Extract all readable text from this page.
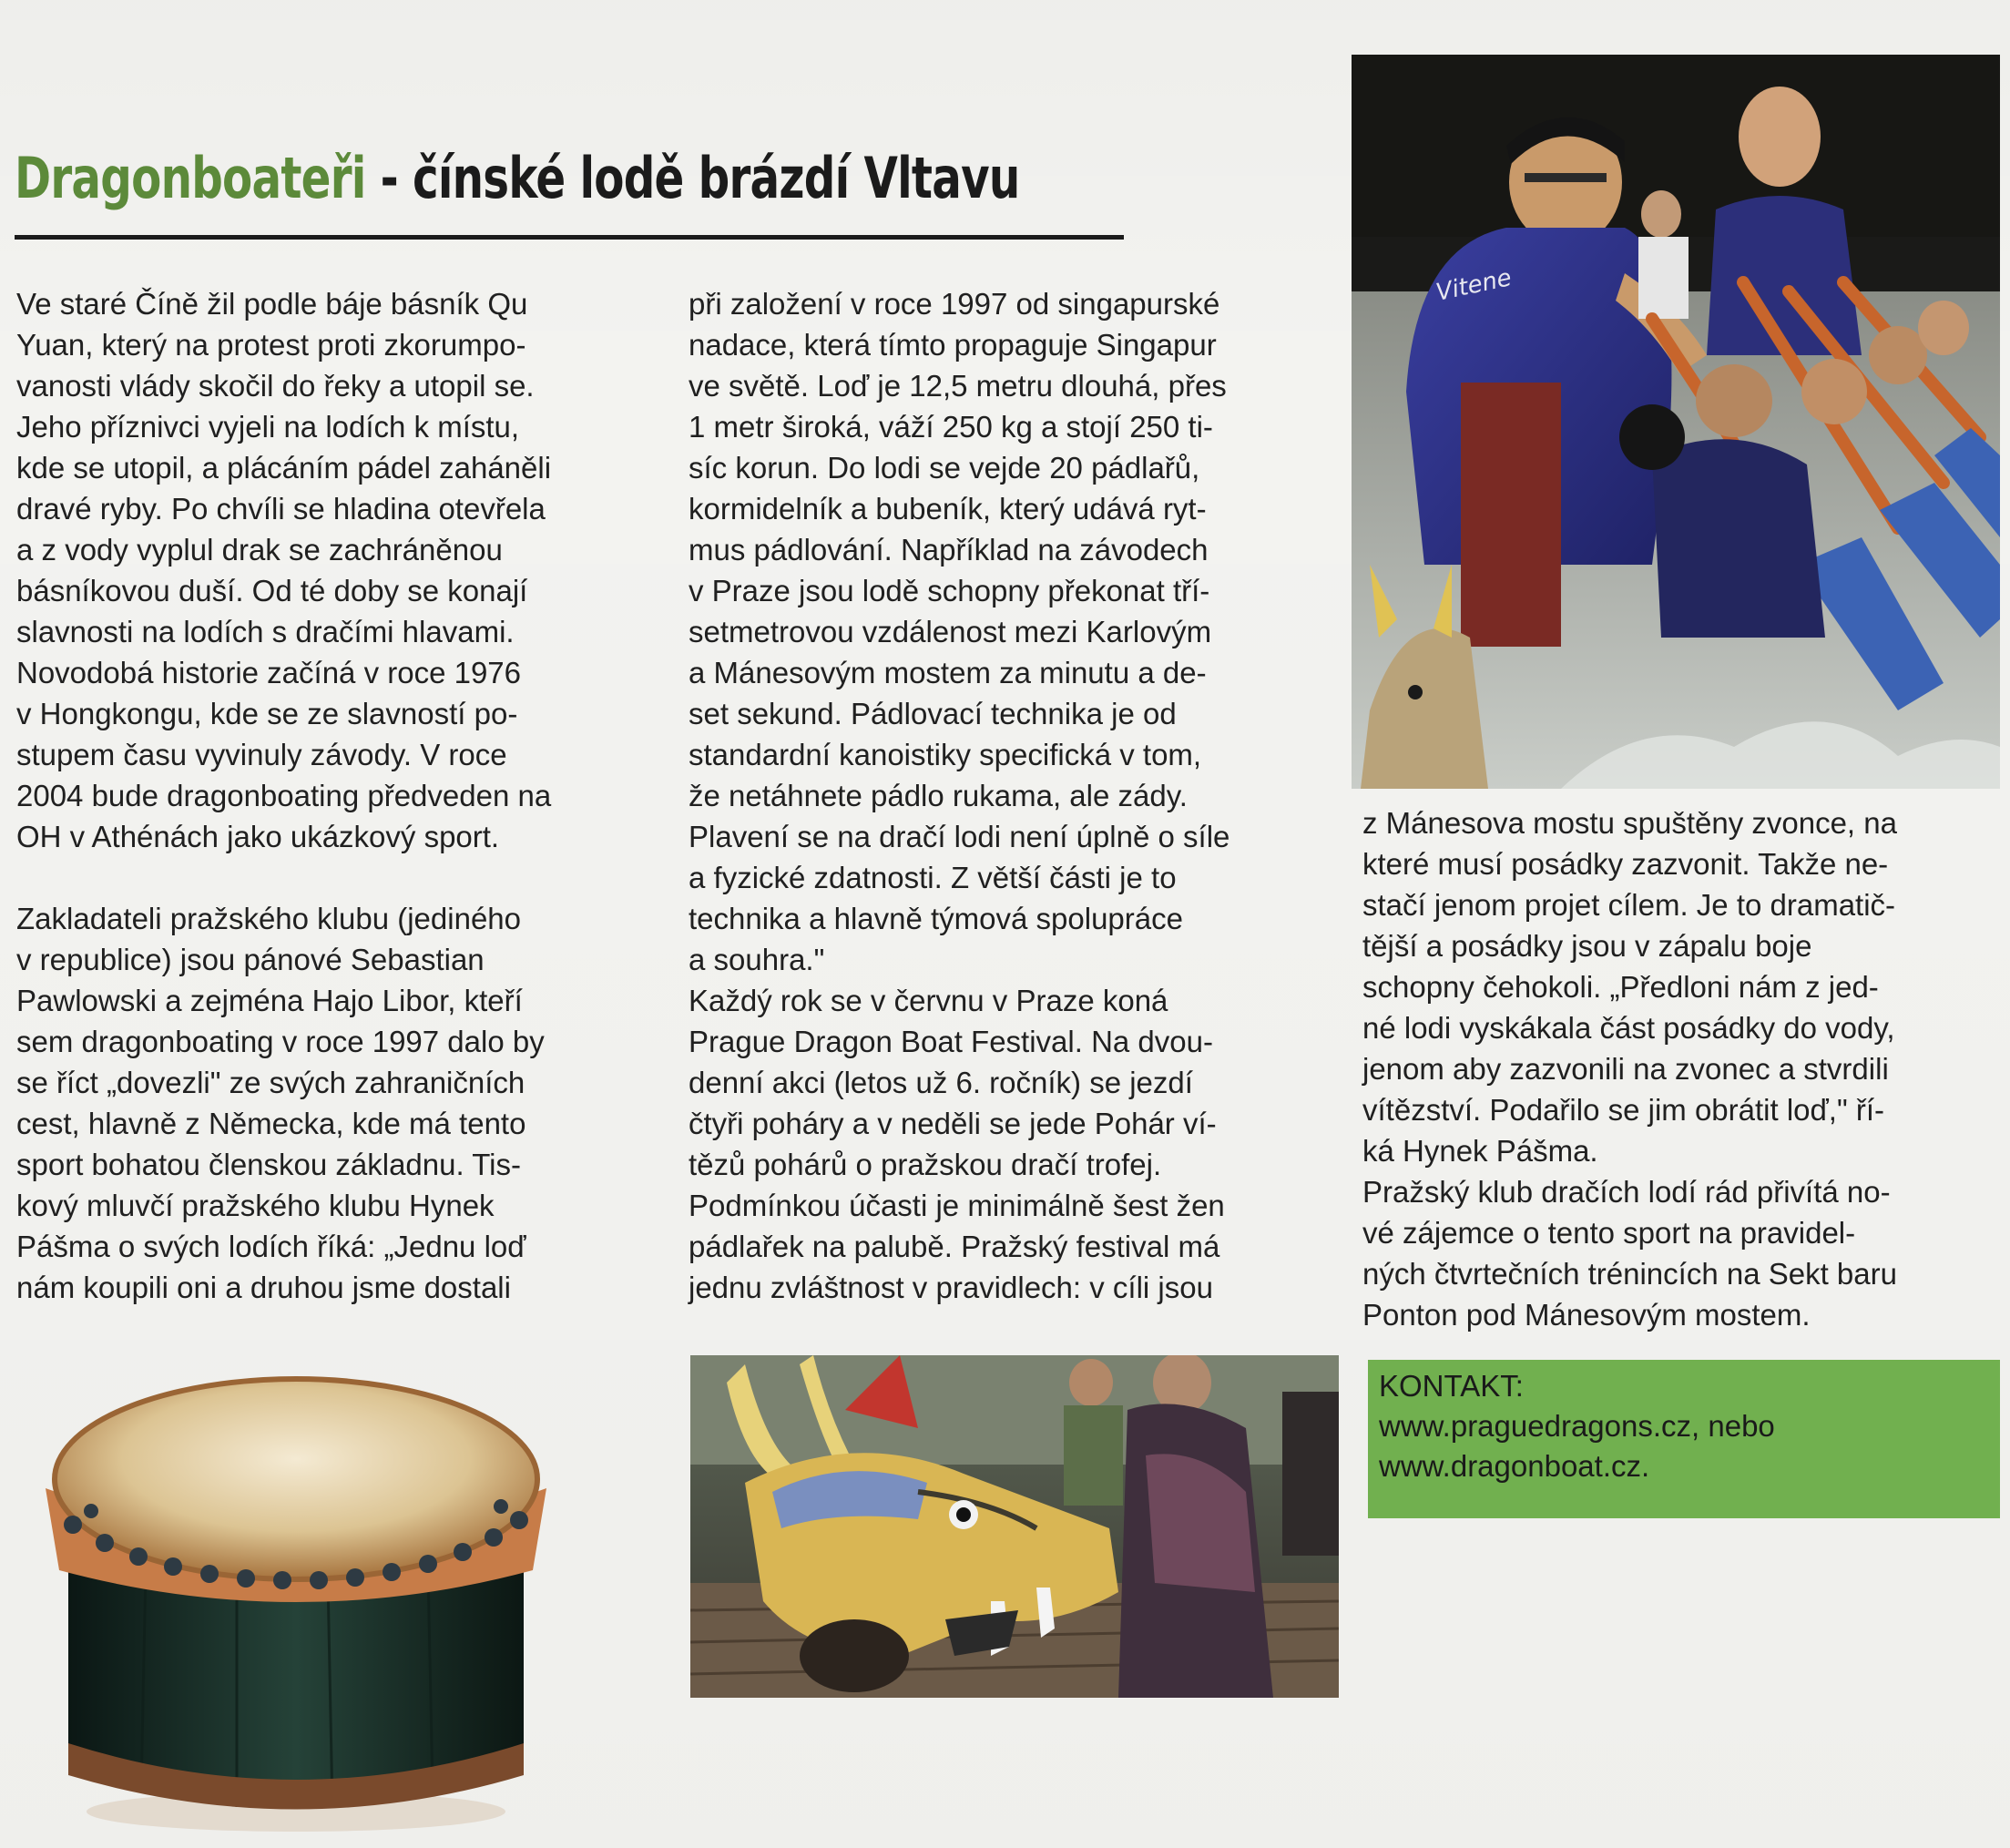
Dragonboateři - čínské lodě brázdí Vltavu

Ve staré Číně žil podle báje básník Qu

Yuan, který na protest proti zkorumpo-

vanosti vlády skočil do řeky a utopil se.

Jeho příznivci vyjeli na lodích k místu,

kde se utopil, a plácáním pádel zaháněli

dravé ryby. Po chvíli se hladina otevřela

a z vody vyplul drak se zachráněnou

básníkovou duší. Od té doby se konají

slavnosti na lodích s dračími hlavami.

Novodobá historie začíná v roce 1976

v Hongkongu, kde se ze slavností po-

stupem času vyvinuly závody. V roce

2004 bude dragonboating předveden na

OH v Athénách jako ukázkový sport.

Zakladateli pražského klubu (jediného

v republice) jsou pánové Sebastian

Pawlowski a zejména Hajo Libor, kteří

sem dragonboating v roce 1997 dalo by

se říct „dovezli" ze svých zahraničních

cest, hlavně z Německa, kde má tento

sport bohatou členskou základnu. Tis-

kový mluvčí pražského klubu Hynek

Pášma o svých lodích říká: „Jednu loď

nám koupili oni a druhou jsme dostali

při založení v roce 1997 od singapurské

nadace, která tímto propaguje Singapur

ve světě. Loď je 12,5 metru dlouhá, přes

1 metr široká, váží 250 kg a stojí 250 ti-

síc korun. Do lodi se vejde 20 pádlařů,

kormidelník a bubeník, který udává ryt-

mus pádlování. Například na závodech

v Praze jsou lodě schopny překonat tří-

setmetrovou vzdálenost mezi Karlovým

a Mánesovým mostem za minutu a de-

set sekund. Pádlovací technika je od

standardní kanoistiky specifická v tom,

že netáhnete pádlo rukama, ale zády.

Plavení se na dračí lodi není úplně o síle

a fyzické zdatnosti. Z větší části je to

technika a hlavně týmová spolupráce

a souhra."

Každý rok se v červnu v Praze koná

Prague Dragon Boat Festival. Na dvou-

denní akci (letos už 6. ročník) se jezdí

čtyři poháry a v neděli se jede Pohár ví-

tězů pohárů o pražskou dračí trofej.

Podmínkou účasti je minimálně šest žen

pádlařek na palubě. Pražský festival má

jednu zvláštnost v pravidlech: v cíli jsou

z Mánesova mostu spuštěny zvonce, na

které musí posádky zazvonit. Takže ne-

stačí jenom projet cílem. Je to dramatič-

tější a posádky jsou v zápalu boje

schopny čehokoli. „Předloni nám z jed-

né lodi vyskákala část posádky do vody,

jenom aby zazvonili na zvonec a stvrdili

vítězství. Podařilo se jim obrátit loď," ří-

ká Hynek Pášma.

Pražský klub dračích lodí rád přivítá no-

vé zájemce o tento sport na pravidel-

ných čtvrtečních trénincích na Sekt baru

Ponton pod Mánesovým mostem.

Vitene

KONTAKT:

www.praguedragons.cz, nebo

www.dragonboat.cz.
